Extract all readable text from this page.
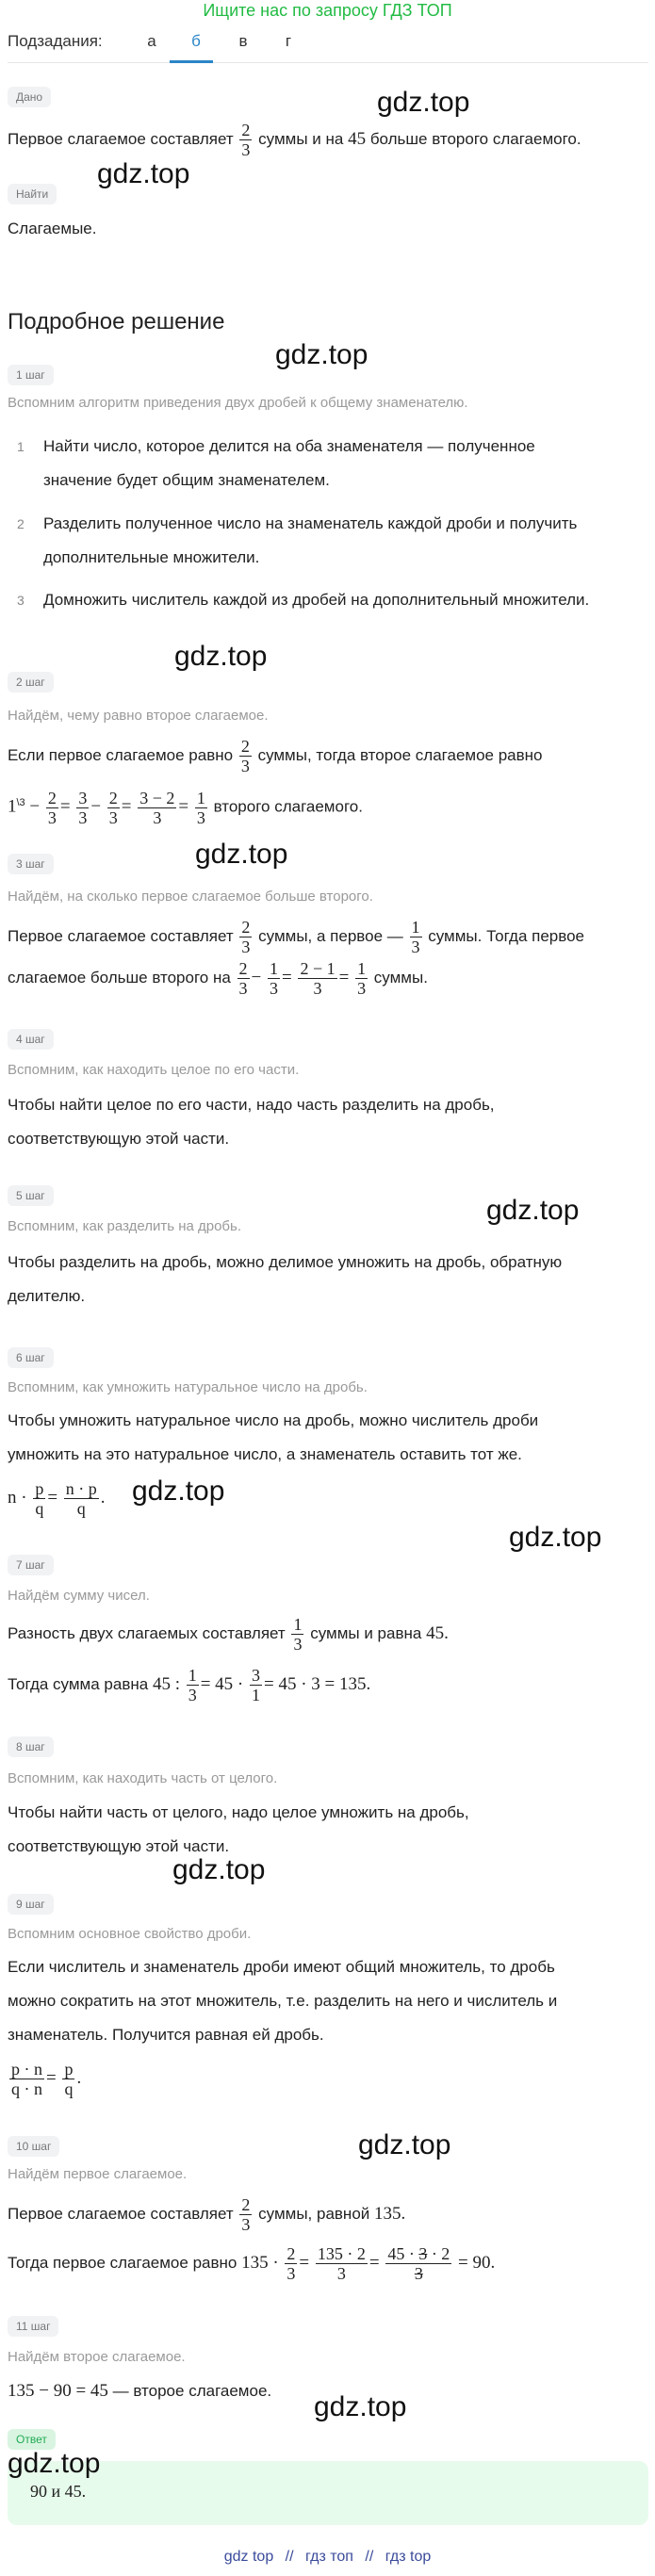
Ищите нас по запросу ГДЗ ТОП
Подзадания:	а	б	в	г
Дано
Первое слагаемое составляет $\frac{2}{3}$ суммы и на 45 больше второго слагаемого.
gdz.top
Найти
Слагаемые.
gdz.top
Подробное решение
gdz.top
1 шаг
Вспомним алгоритм приведения двух дробей к общему знаменателю.
1	Найти число, которое делится на оба знаменателя — полученное
значение будет общим знаменателем.
2	Разделить полученное число на знаменатель каждой дроби и получить
дополнительные множители.
3	Домножить числитель каждой из дробей на дополнительный множители.
gdz.top
2 шаг
Найдём, чему равно второе слагаемое.
Если первое слагаемое равно $\frac{2}{3}$ суммы, тогда второе слагаемое равно
$1^{\backslash 3} - \frac{2}{3} = \frac{3}{3} - \frac{2}{3} = \frac{3 - 2}{3} = \frac{1}{3}$ второго слагаемого.
gdz.top
3 шаг
Найдём, на сколько первое слагаемое больше второго.
Первое слагаемое составляет $\frac{2}{3}$ суммы, а первое — $\frac{1}{3}$ суммы. Тогда первое
слагаемое больше второго на $\frac{2}{3} - \frac{1}{3} = \frac{2 - 1}{3} = \frac{1}{3}$ суммы.
4 шаг
Вспомним, как находить целое по его части.
Чтобы найти целое по его части, надо часть разделить на дробь,
соответствующую этой части.
gdz.top
5 шаг
Вспомним, как разделить на дробь.
Чтобы разделить на дробь, можно делимое умножить на дробь, обратную
делителю.
6 шаг
Вспомним, как умножить натуральное число на дробь.
Чтобы умножить натуральное число на дробь, можно числитель дроби
умножить на это натуральное число, а знаменатель оставить тот же.
$n \cdot \frac{p}{q} = \frac{n \cdot p}{q}$ . gdz.top
gdz.top
7 шаг
Найдём сумму чисел.
Разность двух слагаемых составляет $\frac{1}{3}$ суммы и равна 45.
Тогда сумма равна 45 : $\frac{1}{3} = 45 \cdot \frac{3}{1} = 45 \cdot 3 = 135$.
8 шаг
Вспомним, как находить часть от целого.
Чтобы найти часть от целого, надо целое умножить на дробь,
соответствующую этой части.
gdz.top
9 шаг
Вспомним основное свойство дроби.
Если числитель и знаменатель дроби имеют общий множитель, то дробь
можно сократить на этот множитель, т.е. разделить на него и числитель и
знаменатель. Получится равная ей дробь.
$\frac{p \cdot n}{q \cdot n} = \frac{p}{q}$ .
gdz.top
10 шаг
Найдём первое слагаемое.
Первое слагаемое составляет $\frac{2}{3}$ суммы, равной 135.
Тогда первое слагаемое равно $135 \cdot \frac{2}{3} = \frac{135 \cdot 2}{3} = \frac{45 \cdot 3 \cdot 2}{3} = 90$.
11 шаг
Найдём второе слагаемое.
135 − 90 = 45 — второе слагаемое.
gdz.top
Ответ
90 и 45.
gdz.top
gdz top // гдз топ // гдз top
